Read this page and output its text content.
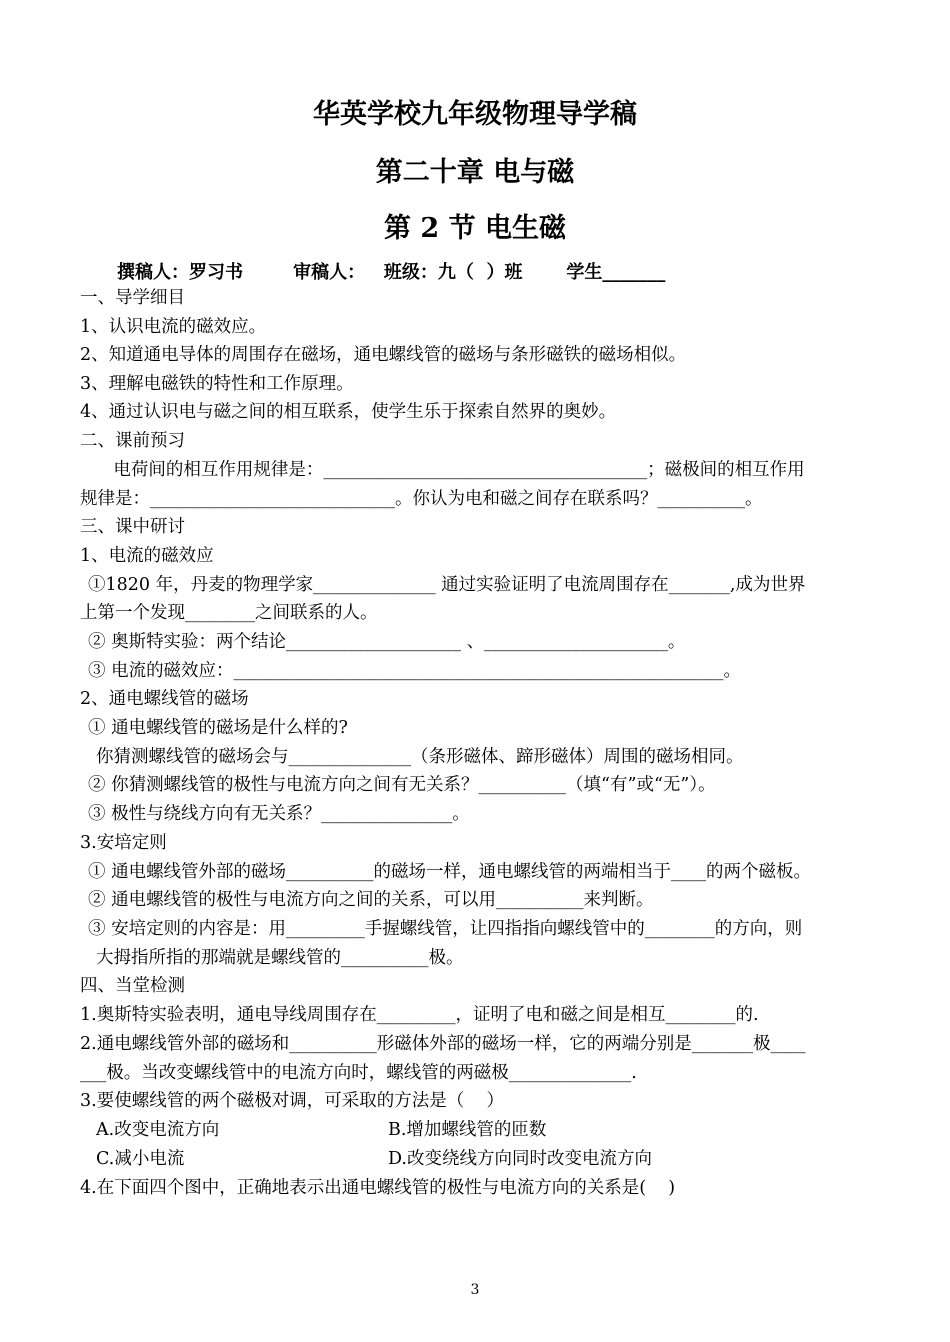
华英学校九年级物理导学稿
第二十章 电与磁
第 2 节 电生磁
撰稿人：罗习书        审稿人：   班级：九（  ）班       学生_______
一、导学细目
1、认识电流的磁效应。
2、知道通电导体的周围存在磁场，通电螺线管的磁场与条形磁铁的磁场相似。
3、理解电磁铁的特性和工作原理。
4、通过认识电与磁之间的相互联系，使学生乐于探索自然界的奥妙。
二、课前预习
电荷间的相互作用规律是：_____________________________________；磁极间的相互作用
规律是：____________________________。你认为电和磁之间存在联系吗？__________。
三、课中研讨
1、电流的磁效应
①1820 年，丹麦的物理学家______________ 通过实验证明了电流周围存在_______,成为世界
上第一个发现________之间联系的人。
② 奥斯特实验：两个结论____________________ 、_____________________。
③ 电流的磁效应：________________________________________________________。
2、通电螺线管的磁场
① 通电螺线管的磁场是什么样的?
你猜测螺线管的磁场会与______________（条形磁体、蹄形磁体）周围的磁场相同。
② 你猜测螺线管的极性与电流方向之间有无关系？__________（填“有”或“无”）。
③ 极性与绕线方向有无关系？_______________。
3.安培定则
① 通电螺线管外部的磁场__________的磁场一样，通电螺线管的两端相当于____的两个磁板。
② 通电螺线管的极性与电流方向之间的关系，可以用__________来判断。
③ 安培定则的内容是：用_________手握螺线管，让四指指向螺线管中的________的方向，则
大拇指所指的那端就是螺线管的__________极。
四、当堂检测
1.奥斯特实验表明，通电导线周围存在_________，证明了电和磁之间是相互________的.
2.通电螺线管外部的磁场和__________形磁体外部的磁场一样，它的两端分别是_______极____
___极。当改变螺线管中的电流方向时，螺线管的两磁极______________.
3.要使螺线管的两个磁极对调，可采取的方法是（    ）
A.改变电流方向	B.增加螺线管的匝数
C.减小电流	D.改变绕线方向同时改变电流方向
4.在下面四个图中，正确地表示出通电螺线管的极性与电流方向的关系是(    )
3
